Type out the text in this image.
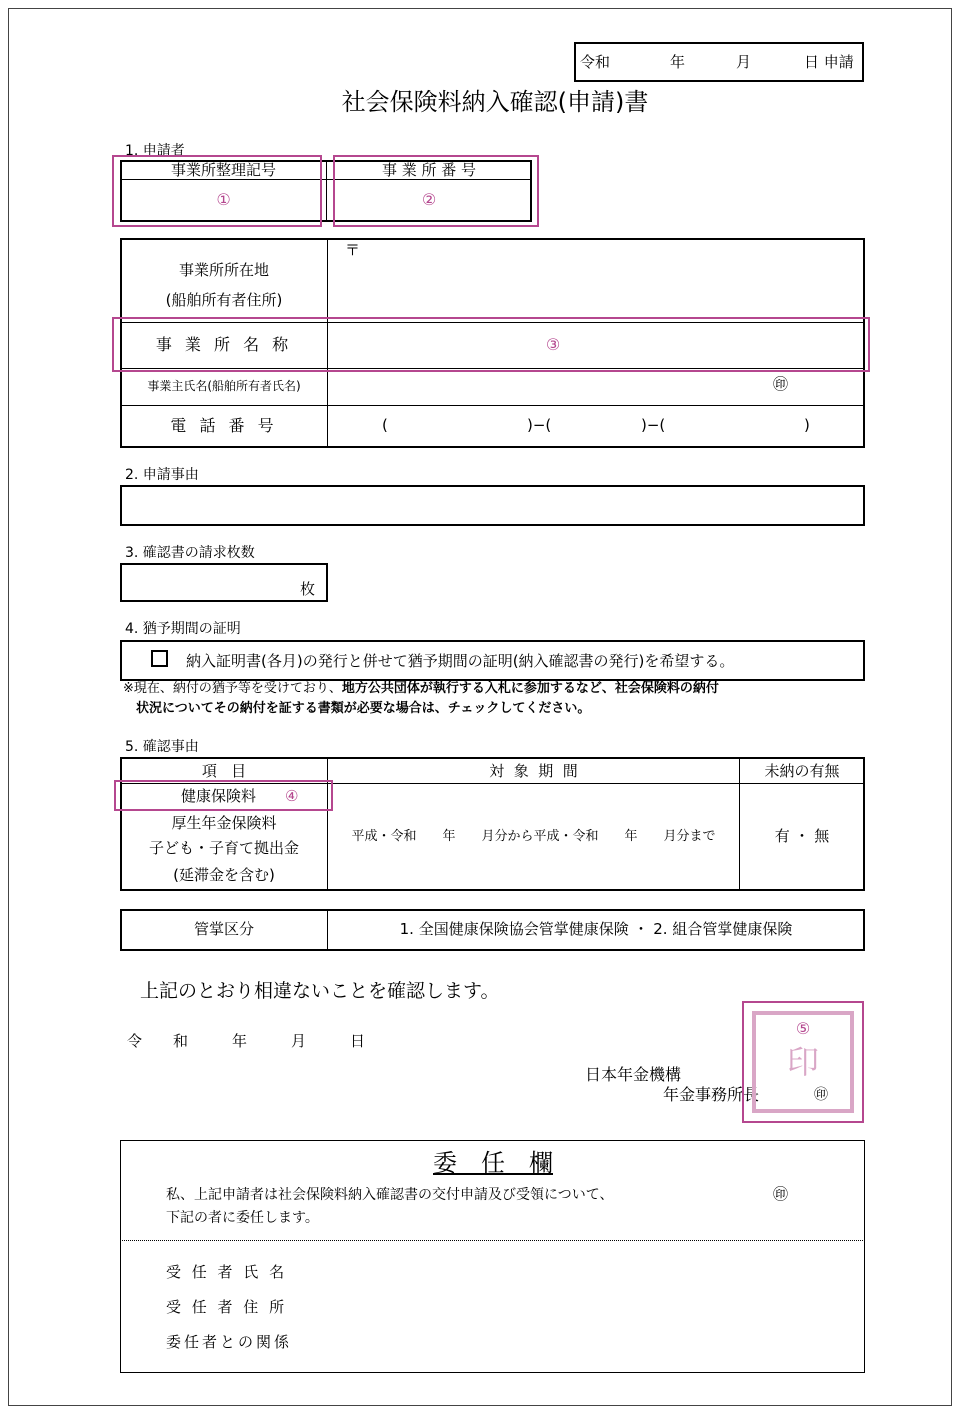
令和	年	月	日 申請
社会保険料納入確認(申請)書
1. 申請者
事業所整理記号	事 業 所 番 号
①	②
事業所所在地
(船舶所有者住所)
〒
事 業 所 名 称	③
事業主氏名(船舶所有者氏名)	㊞
電 話 番 号	(	)−(	)−(	)
2. 申請事由
3. 確認書の請求枚数
枚
4. 猶予期間の証明
納入証明書(各月)の発行と併せて猶予期間の証明(納入確認書の発行)を希望する。
※現在、納付の猶予等を受けており、地方公共団体が執行する入札に参加するなど、社会保険料の納付
状況についてその納付を証する書類が必要な場合は、チェックしてください。
5. 確認事由
項   目	対  象  期  間	未納の有無
健康保険料 ④
厚生年金保険料
子ども・子育て拠出金
(延滞金を含む)
平成・令和　　年　　月分から平成・令和　　年　　月分まで	有 ・ 無
管掌区分	1. 全国健康保険協会管掌健康保険 ・ 2. 組合管掌健康保険
上記のとおり相違ないことを確認します。
令 和	年	月	日
日本年金機構
年金事務所長	㊞
⑤
印
委　任　欄
私、上記申請者は社会保険料納入確認書の交付申請及び受領について、
下記の者に委任します。
㊞
受 任 者 氏 名
受 任 者 住 所
委任者との関係
